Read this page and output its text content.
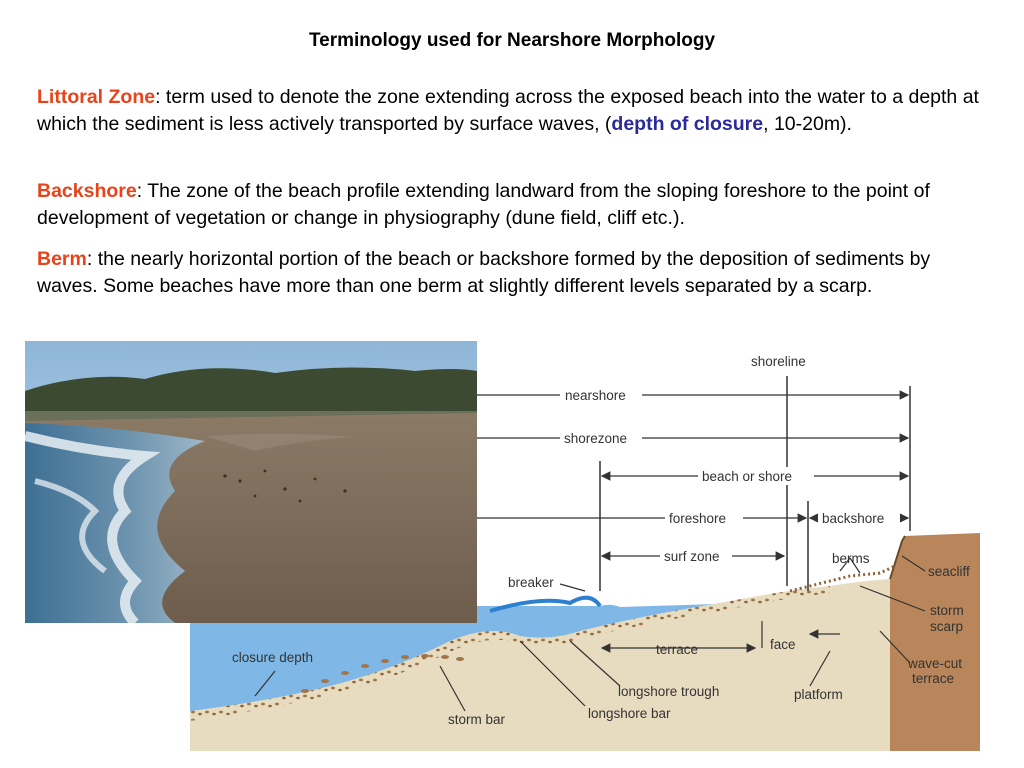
Terminology used for Nearshore Morphology
Littoral Zone: term used to denote the zone extending across the exposed beach into the water to a depth at which the sediment is less actively transported by surface waves, (depth of closure, 10-20m).
Backshore: The zone of the beach profile extending landward from the sloping foreshore to the point of development of vegetation or change in physiography (dune field, cliff etc.).
Berm: the nearly horizontal portion of the beach or backshore formed by the deposition of sediments by waves. Some beaches have more than one berm at slightly different levels separated by a scarp.
shoreline
nearshore
shorezone
beach or shore
foreshore	backshore
surf zone
breaker
berms
seacliff
storm
scarp
face
terrace
wave-cut
terrace
closure depth
longshore trough
longshore bar
storm bar
platform
